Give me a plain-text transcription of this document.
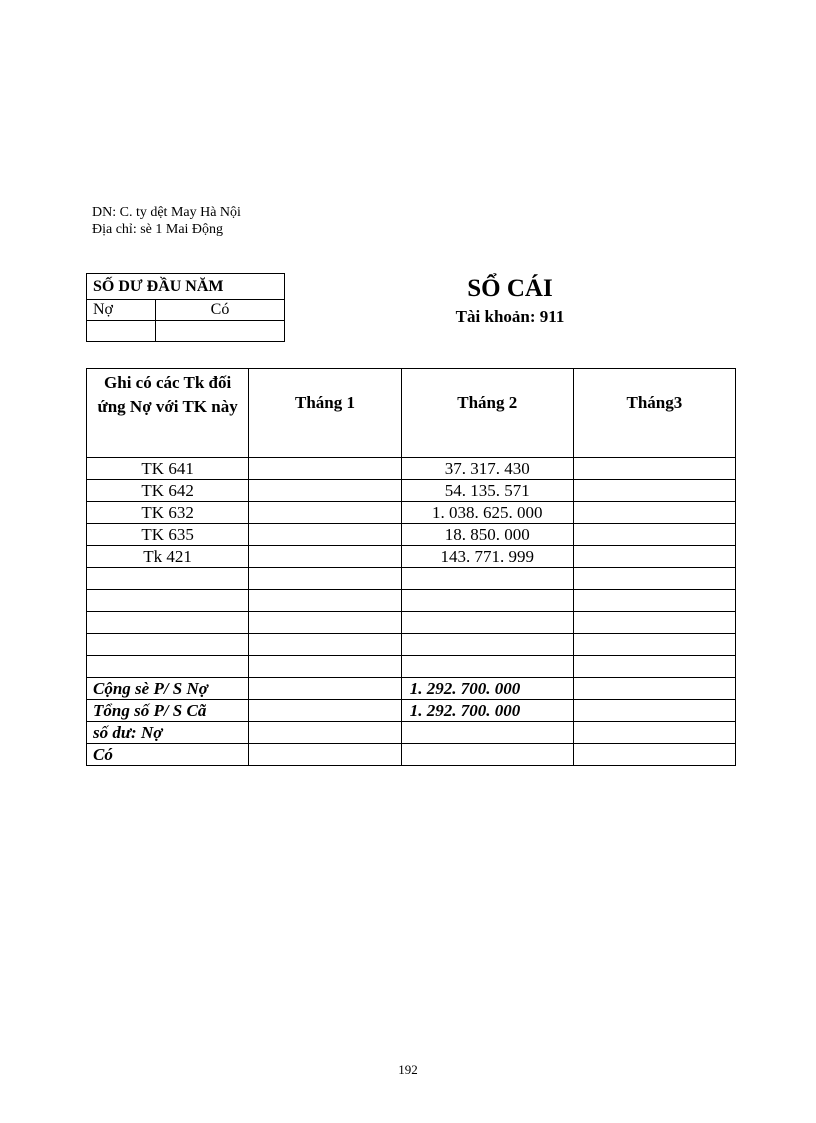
DN: C. ty dệt May Hà Nội
Địa chỉ: sè 1 Mai Động
SỐ DƯ ĐẦU NĂM	
Nợ	Có

SỔ CÁI
Tài khoản: 911
Ghi có các Tk đối ứng Nợ với TK này	Tháng 1	Tháng 2	Tháng3

TK 641		37. 317. 430	
TK 642		54. 135. 571	
TK 632		1. 038. 625. 000	
TK 635		18. 850. 000	
Tk 421		143. 771. 999	

Cộng sè P/ S Nợ		1. 292. 700. 000	
Tổng số P/ S Cã		1. 292. 700. 000	
số dư: Nợ			
Có			
192
